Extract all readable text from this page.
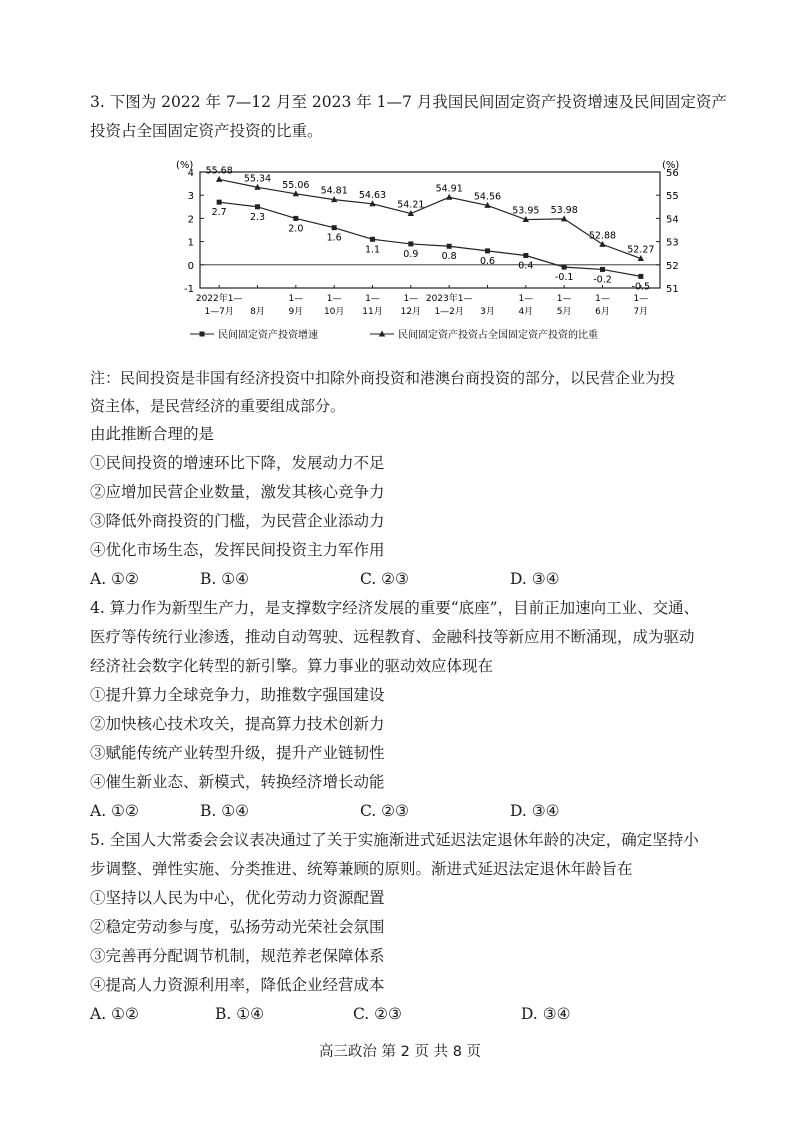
3. 下图为 2022 年 7—12 月至 2023 年 1—7 月我国民间固定资产投资增速及民间固定资产
投资占全国固定资产投资的比重。
(%)	(%)
-1
0
1
2
3
4
51
52
53
54
55
56
2022年1—
1—7月 8月
1—
9月
1—
10月
1—
11月
1—
12月
2023年1—
1—2月 3月
1—
4月
1—
5月
1—
6月
1—
7月
2.7 2.3
2.0
1.6
1.1 0.9 0.8 0.6 0.4
-0.1 -0.2
-0.5
55.68
55.34
55.06
54.81 54.63
54.21
54.91
54.56
53.95 53.98
52.88
52.27
民间固定资产投资增速	民间固定资产投资占全国固定资产投资的比重
注：民间投资是非国有经济投资中扣除外商投资和港澳台商投资的部分，以民营企业为投
资主体，是民营经济的重要组成部分。
由此推断合理的是
①民间投资的增速环比下降，发展动力不足
②应增加民营企业数量，激发其核心竞争力
③降低外商投资的门槛，为民营企业添动力
④优化市场生态，发挥民间投资主力军作用
A. ①②	B. ①④	C. ②③	D. ③④
4. 算力作为新型生产力，是支撑数字经济发展的重要“底座”，目前正加速向工业、交通、
医疗等传统行业渗透，推动自动驾驶、远程教育、金融科技等新应用不断涌现，成为驱动
经济社会数字化转型的新引擎。算力事业的驱动效应体现在
①提升算力全球竞争力，助推数字强国建设
②加快核心技术攻关，提高算力技术创新力
③赋能传统产业转型升级，提升产业链韧性
④催生新业态、新模式，转换经济增长动能
A. ①②	B. ①④	C. ②③	D. ③④
5. 全国人大常委会会议表决通过了关于实施渐进式延迟法定退休年龄的决定，确定坚持小
步调整、弹性实施、分类推进、统筹兼顾的原则。渐进式延迟法定退休年龄旨在
①坚持以人民为中心，优化劳动力资源配置
②稳定劳动参与度，弘扬劳动光荣社会氛围
③完善再分配调节机制，规范养老保障体系
④提高人力资源利用率，降低企业经营成本
A. ①②	B. ①④	C. ②③	D. ③④
高三政治 第 2 页 共 8 页
